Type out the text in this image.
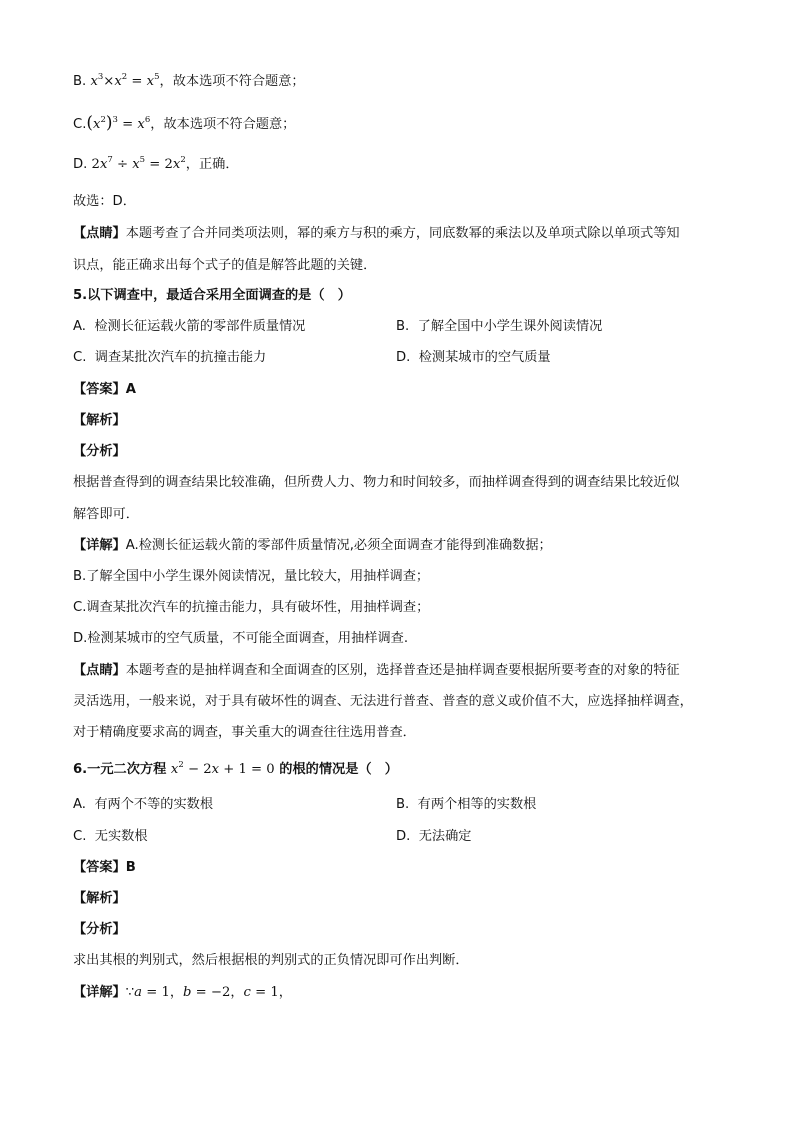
B. $x^3\times x^2 = x^5$，故本选项不符合题意；
$C.(x^2)^3 = x^6$，故本选项不符合题意；
D. $2x^7 \div x^5 = 2x^2$，正确．
故选：D．
【点睛】本题考查了合并同类项法则，幂的乘方与积的乘方，同底数幂的乘法以及单项式除以单项式等知
识点，能正确求出每个式子的值是解答此题的关键．
5.以下调查中，最适合采用全面调查的是（　）
A. 检测长征运载火箭的零部件质量情况	B. 了解全国中小学生课外阅读情况
C. 调查某批次汽车的抗撞击能力	D. 检测某城市的空气质量
【答案】A
【解析】
【分析】
根据普查得到的调查结果比较准确，但所费人力、物力和时间较多，而抽样调查得到的调查结果比较近似
解答即可．
【详解】A.检测长征运载火箭的零部件质量情况,必须全面调查才能得到准确数据；
B.了解全国中小学生课外阅读情况，量比较大，用抽样调查；
C.调查某批次汽车的抗撞击能力，具有破坏性，用抽样调查；
D.检测某城市的空气质量，不可能全面调查，用抽样调查.
【点睛】本题考查的是抽样调查和全面调查的区别，选择普查还是抽样调查要根据所要考查的对象的特征
灵活选用，一般来说，对于具有破坏性的调查、无法进行普查、普查的意义或价值不大，应选择抽样调查，
对于精确度要求高的调查，事关重大的调查往往选用普查．
6.一元二次方程 $x^2 - 2x + 1 = 0$ 的根的情况是（　）
A. 有两个不等的实数根	B. 有两个相等的实数根
C. 无实数根	D. 无法确定
【答案】B
【解析】
【分析】
求出其根的判别式，然后根据根的判别式的正负情况即可作出判断．
【详解】∵a = 1，b = −2，c = 1，
